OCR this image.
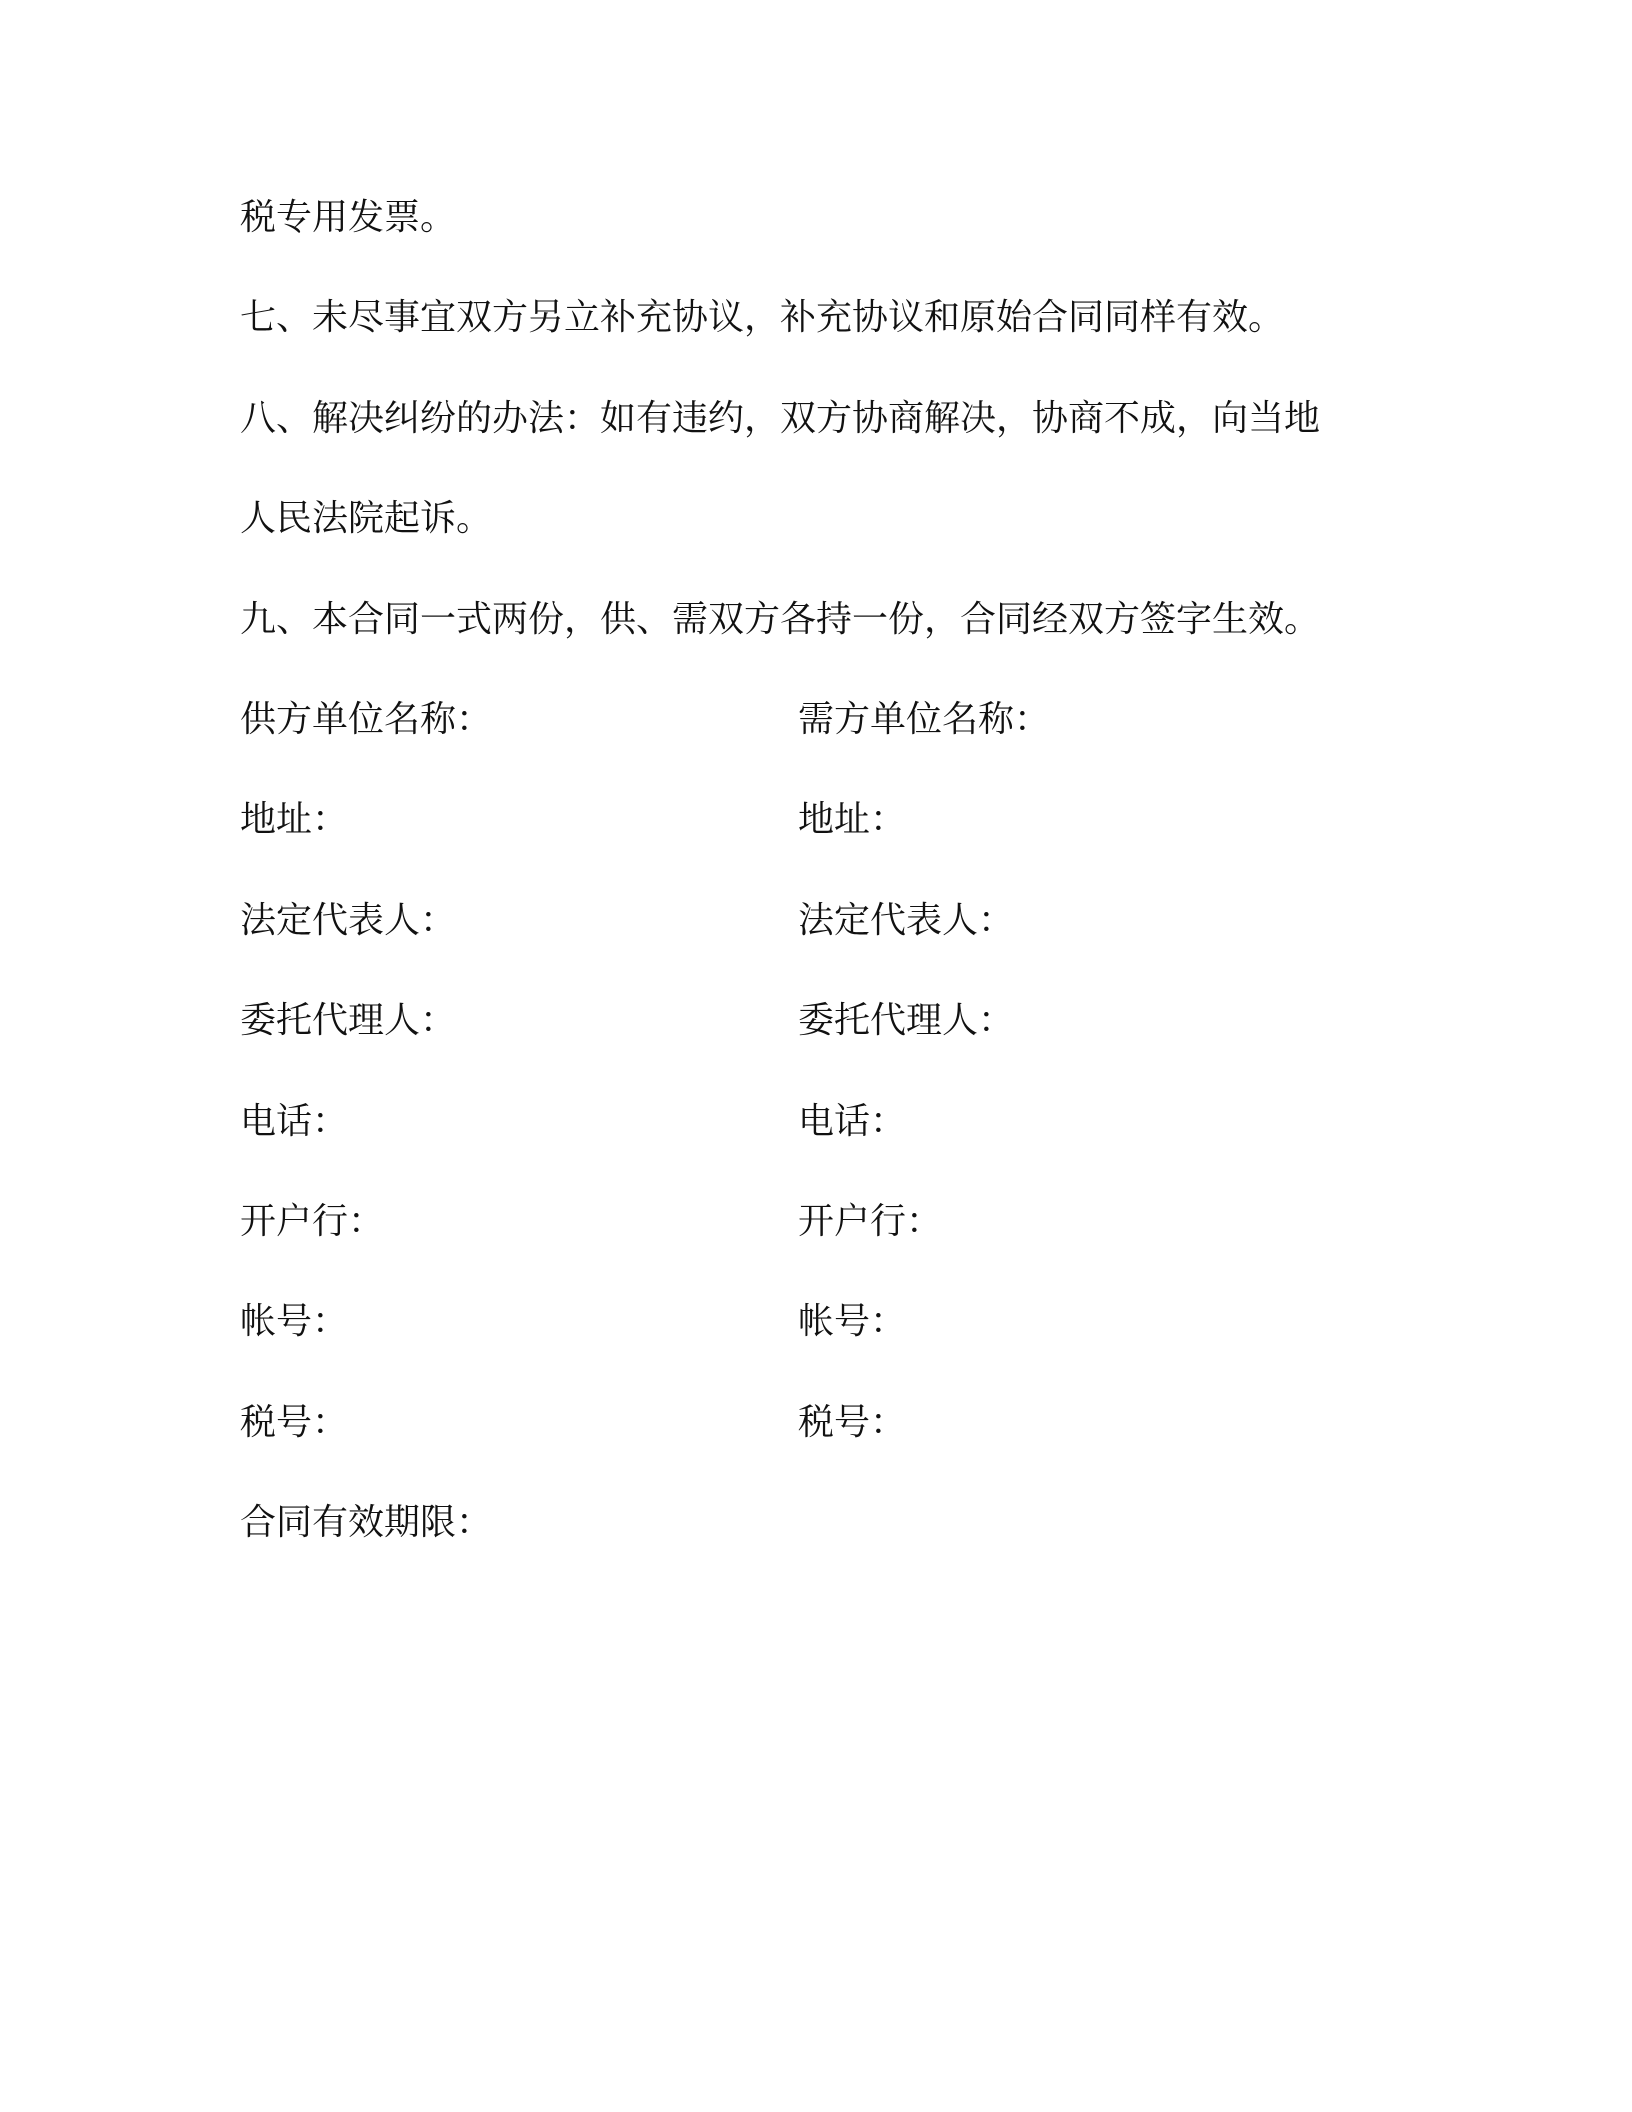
税专用发票。
七、未尽事宜双方另立补充协议，补充协议和原始合同同样有效。
八、解决纠纷的办法：如有违约，双方协商解决，协商不成，向当地
人民法院起诉。
九、本合同一式两份，供、需双方各持一份，合同经双方签字生效。
供方单位名称：	需方单位名称：
地址：	地址：
法定代表人：	法定代表人：
委托代理人：	委托代理人：
电话：	电话：
开户行：	开户行：
帐号：	帐号：
税号：	税号：
合同有效期限：
